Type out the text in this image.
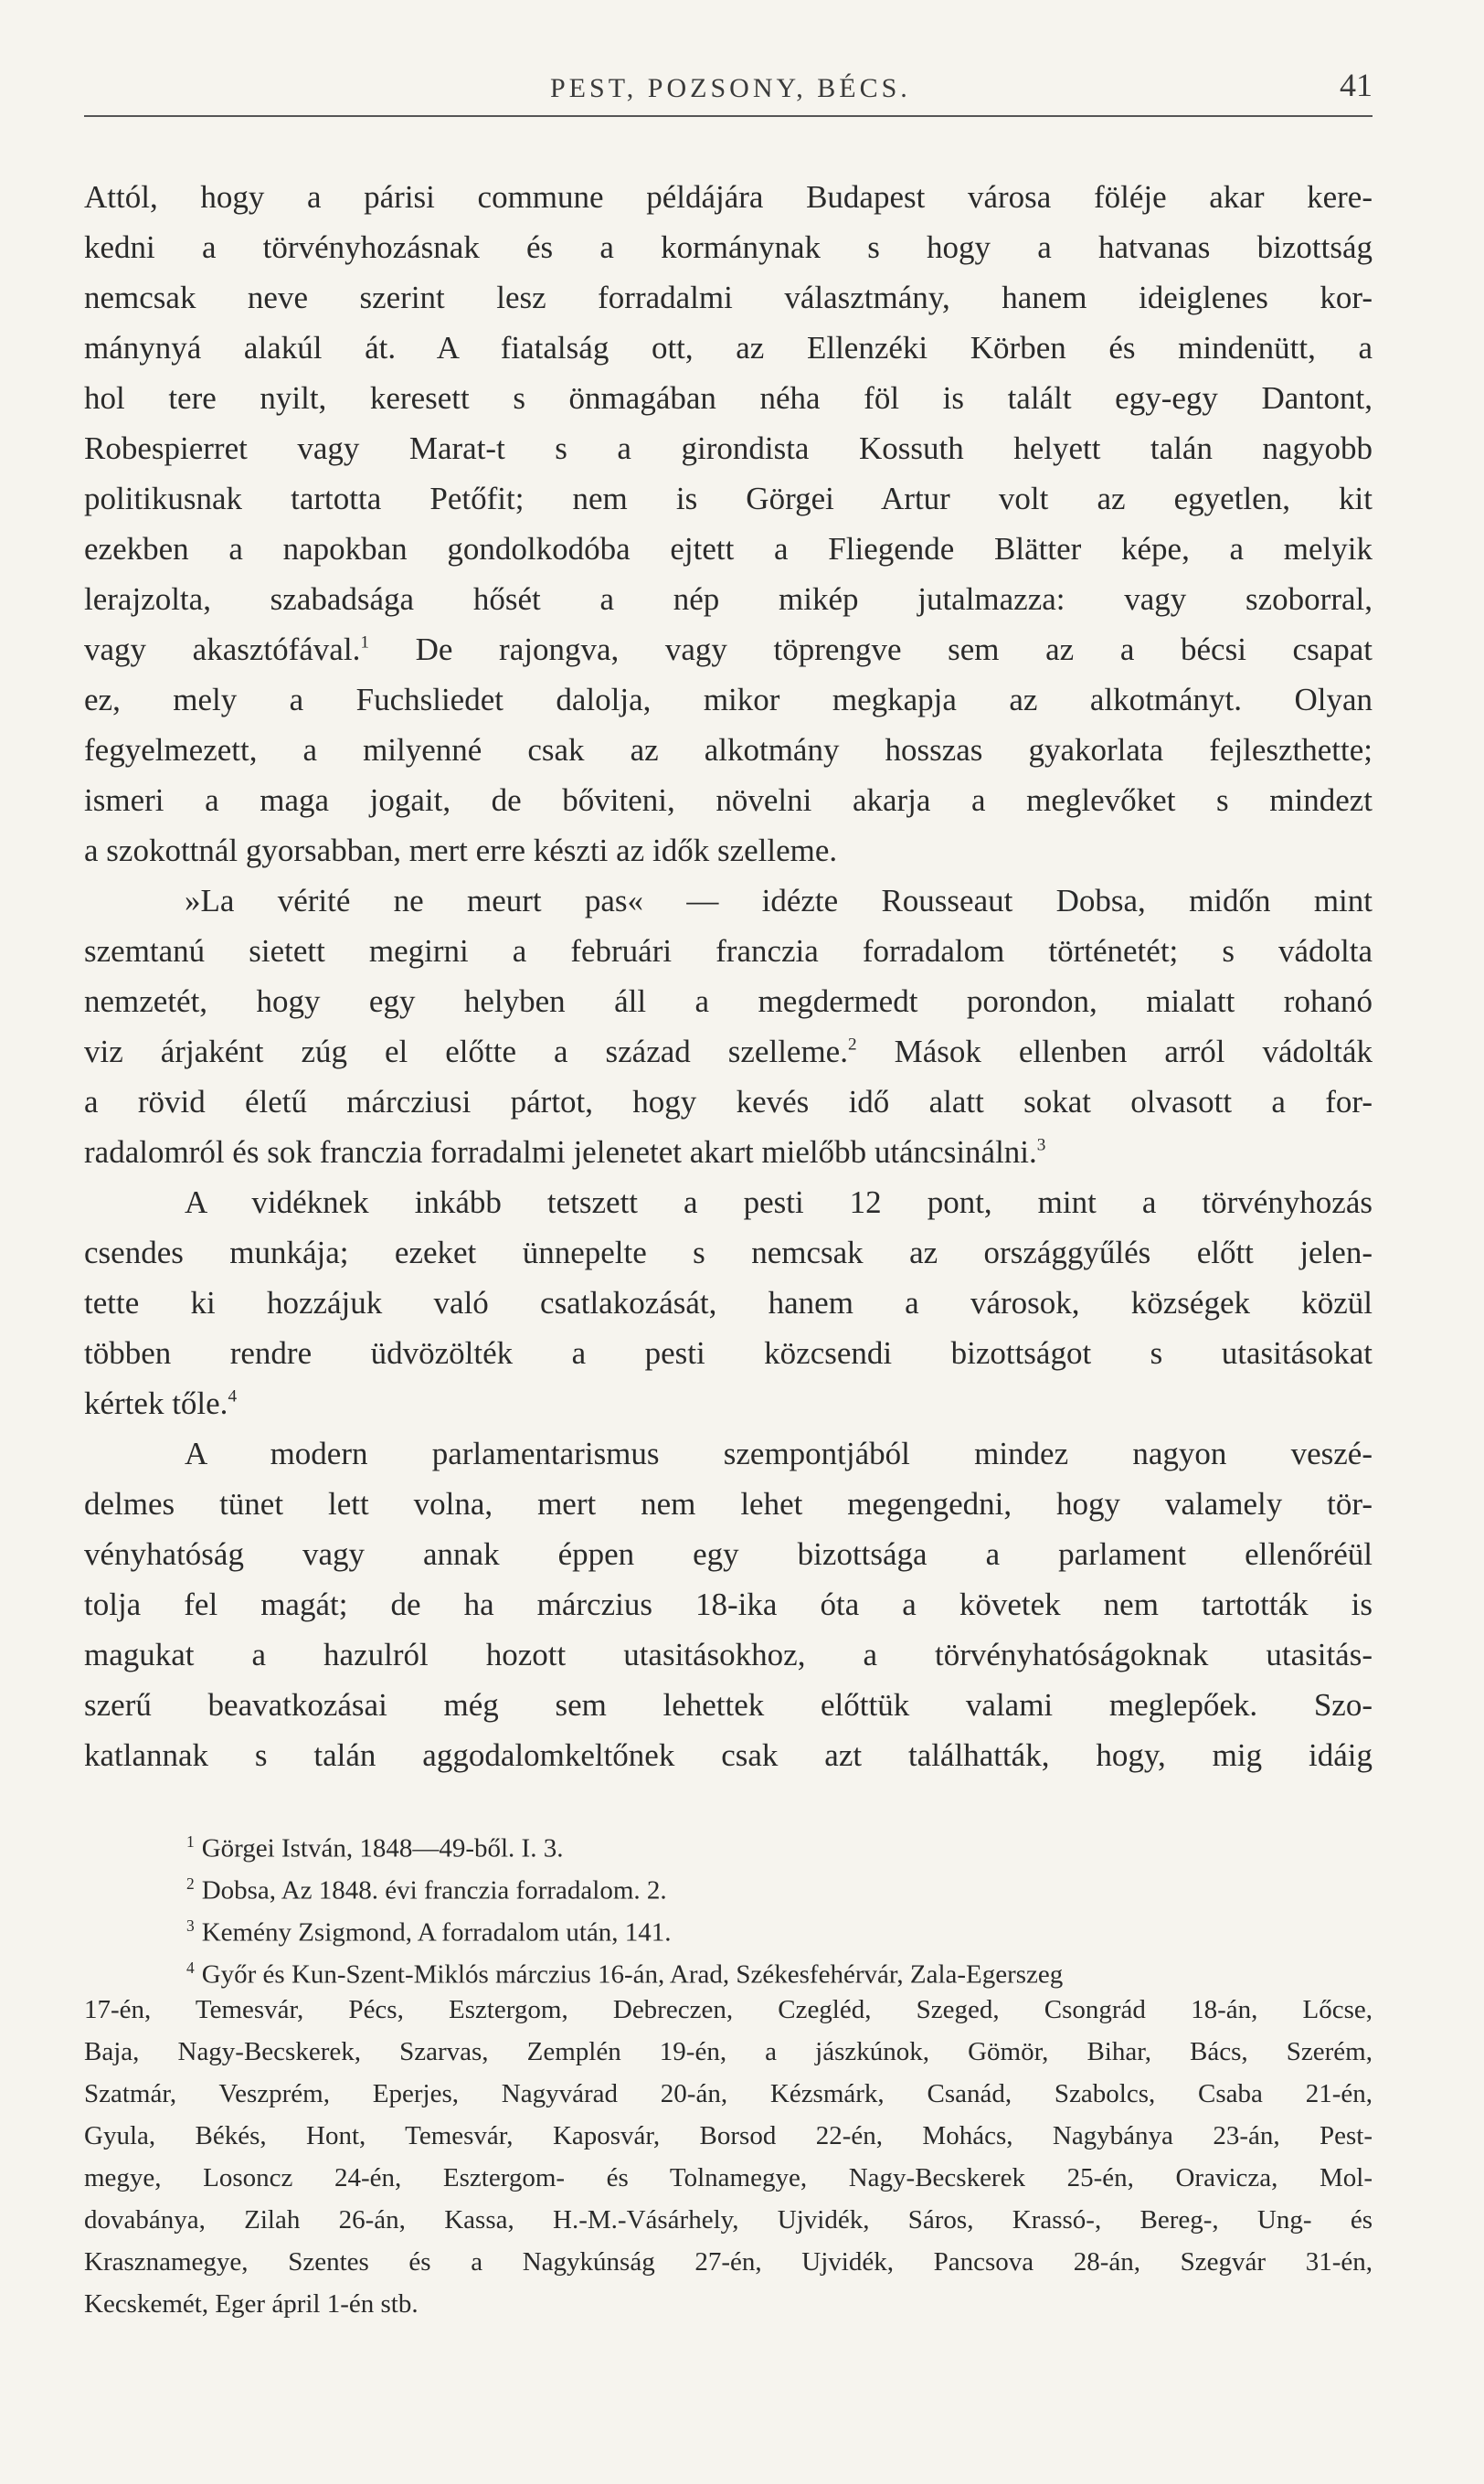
PEST, POZSONY, BÉCS.	41
Attól, hogy a párisi commune példájára Budapest városa föléje akar kere-
kedni a törvényhozásnak és a kormánynak s hogy a hatvanas bizottság
nemcsak neve szerint lesz forradalmi választmány, hanem ideiglenes kor-
mánynyá alakúl át. A fiatalság ott, az Ellenzéki Körben és mindenütt, a
hol tere nyilt, keresett s önmagában néha föl is talált egy-egy Dantont,
Robespierret vagy Marat-t s a girondista Kossuth helyett talán nagyobb
politikusnak tartotta Petőfit; nem is Görgei Artur volt az egyetlen, kit
ezekben a napokban gondolkodóba ejtett a Fliegende Blätter képe, a melyik
lerajzolta, szabadsága hősét a nép mikép jutalmazza: vagy szoborral,
vagy akasztófával.$^1$ De rajongva, vagy töprengve sem az a bécsi csapat
ez, mely a Fuchsliedet dalolja, mikor megkapja az alkotmányt. Olyan
fegyelmezett, a milyenné csak az alkotmány hosszas gyakorlata fejleszthette;
ismeri a maga jogait, de bőviteni, növelni akarja a meglevőket s mindezt
a szokottnál gyorsabban, mert erre készti az idők szelleme.
»La vérité ne meurt pas« — idézte Rousseaut Dobsa, midőn mint
szemtanú sietett megirni a februári franczia forradalom történetét; s vádolta
nemzetét, hogy egy helyben áll a megdermedt porondon, mialatt rohanó
viz árjaként zúg el előtte a század szelleme.$^2$ Mások ellenben arról vádolták
a rövid életű márcziusi pártot, hogy kevés idő alatt sokat olvasott a for-
radalomról és sok franczia forradalmi jelenetet akart mielőbb utáncsinálni.$^3$
A vidéknek inkább tetszett a pesti 12 pont, mint a törvényhozás
csendes munkája; ezeket ünnepelte s nemcsak az országgyűlés előtt jelen-
tette ki hozzájuk való csatlakozását, hanem a városok, községek közül
többen rendre üdvözölték a pesti közcsendi bizottságot s utasitásokat
kértek tőle.$^4$
A modern parlamentarismus szempontjából mindez nagyon veszé-
delmes tünet lett volna, mert nem lehet megengedni, hogy valamely tör-
vényhatóság vagy annak éppen egy bizottsága a parlament ellenőréül
tolja fel magát; de ha márczius 18-ika óta a követek nem tartották is
magukat a hazulról hozott utasitásokhoz, a törvényhatóságoknak utasitás-
szerű beavatkozásai még sem lehettek előttük valami meglepőek. Szo-
katlannak s talán aggodalomkeltőnek csak azt találhatták, hogy, mig idáig
$^1$ Görgei István, 1848—49-ből. I. 3.
$^2$ Dobsa, Az 1848. évi franczia forradalom. 2.
$^3$ Kemény Zsigmond, A forradalom után, 141.
$^4$ Győr és Kun-Szent-Miklós márczius 16-án, Arad, Székesfehérvár, Zala-Egerszeg
17-én, Temesvár, Pécs, Esztergom, Debreczen, Czegléd, Szeged, Csongrád 18-án, Lőcse,
Baja, Nagy-Becskerek, Szarvas, Zemplén 19-én, a jászkúnok, Gömör, Bihar, Bács, Szerém,
Szatmár, Veszprém, Eperjes, Nagyvárad 20-án, Kézsmárk, Csanád, Szabolcs, Csaba 21-én,
Gyula, Békés, Hont, Temesvár, Kaposvár, Borsod 22-én, Mohács, Nagybánya 23-án, Pest-
megye, Losoncz 24-én, Esztergom- és Tolnamegye, Nagy-Becskerek 25-én, Oravicza, Mol-
dovabánya, Zilah 26-án, Kassa, H.-M.-Vásárhely, Ujvidék, Sáros, Krassó-, Bereg-, Ung- és
Krasznamegye, Szentes és a Nagykúnság 27-én, Ujvidék, Pancsova 28-án, Szegvár 31-én,
Kecskemét, Eger ápril 1-én stb.
